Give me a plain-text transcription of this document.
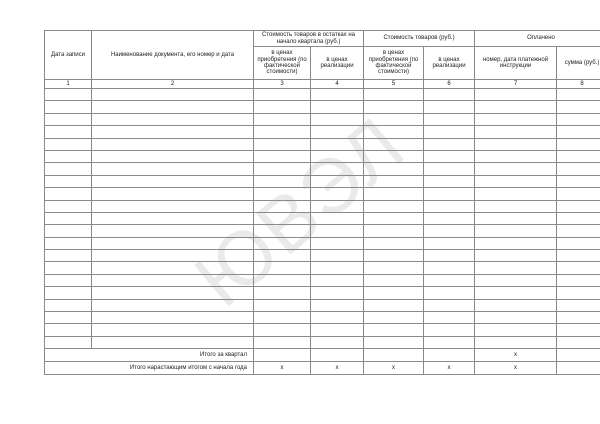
ЮВЭЛ
Дата записи	Наименование документа, его номер и дата	Стоимость товаров в остатках на начало квартала (руб.)		Стоимость товаров (руб.)		Оплачено	
		в ценах приобретения (по фактической стоимости)	в ценах реализации	в ценах приобретения (по фактической стоимости)	в ценах реализации	номер, дата платежной инструкции	сумма (руб.)
1	2	3	4	5	6	7	8

Итого за квартал						x	
Итого нарастающим итогом с начала года		x	x	x	x	x	
